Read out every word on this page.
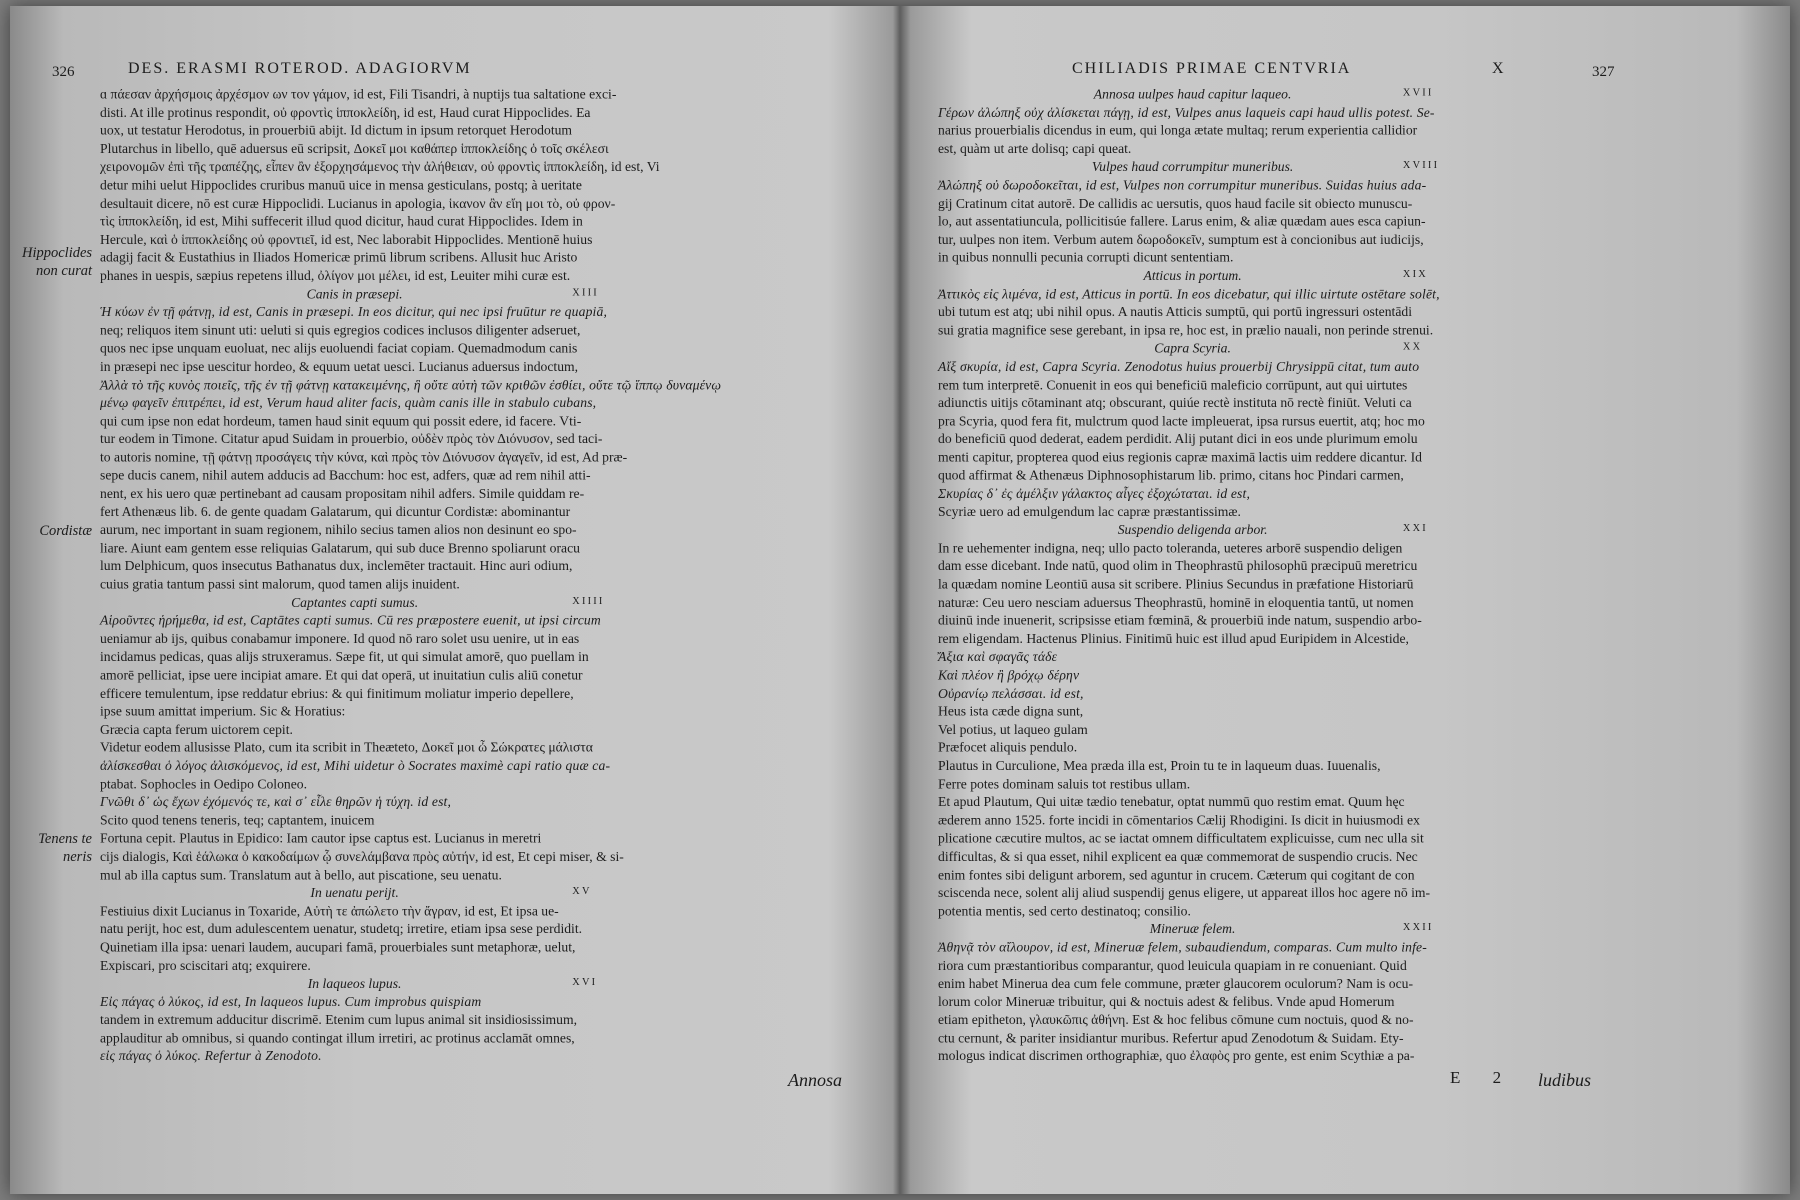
326	DES. ERASMI ROTEROD. ADAGIORVM
ɑ πάεσαν ἀρχήσμοις ἀρχέσμον ων τον γάμον, id est, Fili Tisandri, à nuptijs tua saltatione exci-
disti. At ille protinus respondit, οὐ φροντὶς ἱπποκλείδη, id est, Haud curat Hippoclides. Ea
uox, ut testatur Herodotus, in prouerbiū abijt. Id dictum in ipsum retorquet Herodotum
Plutarchus in libello, quē aduersus eū scripsit, Δοκεῖ μοι καθάπερ ἱπποκλείδης ὁ τοῖς σκέλεσι
χειρονομῶν ἐπὶ τῆς τραπέζης, εἶπεν ἂν ἐξορχησάμενος τὴν ἀλήθειαν, οὐ φροντὶς ἱπποκλείδη, id est, Vi
detur mihi uelut Hippoclides cruribus manuū uice in mensa gesticulans, postq; à ueritate
desultauit dicere, nō est curæ Hippoclidi. Lucianus in apologia, ἱκανον ἂν εἴη μοι τὸ, οὐ φρον-
τὶς ἱπποκλείδη, id est, Mihi suffecerit illud quod dicitur, haud curat Hippoclides. Idem in
Hercule, καὶ ὁ ἱπποκλείδης οὐ φροντιεῖ, id est, Nec laborabit Hippoclides. Mentionē huius
adagij facit & Eustathius in Iliados Homericæ primū librum scribens. Allusit huc Aristo
phanes in uespis, sæpius repetens illud, ὀλίγον μοι μέλει, id est, Leuiter mihi curæ est.
Canis in præsepi.	XIII
Ἡ κύων ἐν τῇ φάτνῃ, id est, Canis in præsepi. In eos dicitur, qui nec ipsi fruūtur re quapiā,
neq; reliquos item sinunt uti: ueluti si quis egregios codices inclusos diligenter adseruet,
quos nec ipse unquam euoluat, nec alijs euoluendi faciat copiam. Quemadmodum canis
in præsepi nec ipse uescitur hordeo, & equum uetat uesci. Lucianus aduersus indoctum,
Ἀλλὰ τὸ τῆς κυνὸς ποιεῖς, τῆς ἐν τῇ φάτνῃ κατακειμένης, ἣ οὔτε αὐτὴ τῶν κριθῶν ἐσθίει, οὔτε τῷ ἵππῳ δυναμένῳ
μένῳ φαγεῖν ἐπιτρέπει, id est, Verum haud aliter facis, quàm canis ille in stabulo cubans,
qui cum ipse non edat hordeum, tamen haud sinit equum qui possit edere, id facere. Vti-
tur eodem in Timone. Citatur apud Suidam in prouerbio, οὐδὲν πρὸς τὸν Διόνυσον, sed taci-
to autoris nomine, τῇ φάτνῃ προσάγεις τὴν κύνα, καὶ πρὸς τὸν Διόνυσον ἀγαγεῖν, id est, Ad præ-
sepe ducis canem, nihil autem adducis ad Bacchum: hoc est, adfers, quæ ad rem nihil atti-
nent, ex his uero quæ pertinebant ad causam propositam nihil adfers. Simile quiddam re-
fert Athenæus lib. 6. de gente quadam Galatarum, qui dicuntur Cordistæ: abominantur
aurum, nec important in suam regionem, nihilo secius tamen alios non desinunt eo spo-
liare. Aiunt eam gentem esse reliquias Galatarum, qui sub duce Brenno spoliarunt oracu
lum Delphicum, quos insecutus Bathanatus dux, inclemēter tractauit. Hinc auri odium,
cuius gratia tantum passi sint malorum, quod tamen alijs inuident.
Captantes capti sumus.	XIIII
Αἱροῦντες ἡρήμεθα, id est, Captātes capti sumus. Cū res præpostere euenit, ut ipsi circum
ueniamur ab ijs, quibus conabamur imponere. Id quod nō raro solet usu uenire, ut in eas
incidamus pedicas, quas alijs struxeramus. Sæpe fit, ut qui simulat amorē, quo puellam in
amorē pelliciat, ipse uere incipiat amare. Et qui dat operā, ut inuitatiun culis aliū conetur
efficere temulentum, ipse reddatur ebrius: & qui finitimum moliatur imperio depellere,
ipse suum amittat imperium. Sic & Horatius:
Græcia capta ferum uictorem cepit.
Videtur eodem allusisse Plato, cum ita scribit in Theæteto, Δοκεῖ μοι ὦ Σώκρατες μάλιστα
ἁλίσκεσθαι ὁ λόγος ἁλισκόμενος, id est, Mihi uidetur ò Socrates maximè capi ratio quæ ca-
ptabat. Sophocles in Oedipo Coloneo.
Γνῶθι δ᾽ ὡς ἔχων ἐχόμενός τε, καὶ σ᾽ εἷλε θηρῶν ἡ τύχη. id est,
Scito quod tenens teneris, teq; captantem, inuicem
Fortuna cepit. Plautus in Epidico: Iam cautor ipse captus est. Lucianus in meretri
cijs dialogis, Καὶ ἑάλωκα ὁ κακοδαίμων ᾧ συνελάμβανα πρὸς αὐτήν, id est, Et cepi miser, & si-
mul ab illa captus sum. Translatum aut à bello, aut piscatione, seu uenatu.
In uenatu perijt.	XV
Festiuius dixit Lucianus in Toxaride, Αὐτὴ τε ἀπώλετο τὴν ἄγραν, id est, Et ipsa ue-
natu perijt, hoc est, dum adulescentem uenatur, studetq; irretire, etiam ipsa sese perdidit.
Quinetiam illa ipsa: uenari laudem, aucupari famā, prouerbiales sunt metaphoræ, uelut,
Expiscari, pro sciscitari atq; exquirere.
In laqueos lupus.	XVI
Εἰς πάγας ὁ λύκος, id est, In laqueos lupus. Cum improbus quispiam
tandem in extremum adducitur discrimē. Etenim cum lupus animal sit insidiosissimum,
applauditur ab omnibus, si quando contingat illum irretiri, ac protinus acclamāt omnes,
εἰς πάγας ὁ λύκος. Refertur à Zenodoto.
Hippoclides non curat
Cordistæ
Tenens te neris
Annosa
CHILIADIS PRIMAE CENTVRIA	X	327
Annosa uulpes haud capitur laqueo.	XVII
Γέρων ἀλώπηξ οὐχ ἁλίσκεται πάγῃ, id est, Vulpes anus laqueis capi haud ullis potest. Se-
narius prouerbialis dicendus in eum, qui longa ætate multaq; rerum experientia callidior
est, quàm ut arte dolisq; capi queat.
Vulpes haud corrumpitur muneribus.	XVIII
Ἀλώπηξ οὐ δωροδοκεῖται, id est, Vulpes non corrumpitur muneribus. Suidas huius ada-
gij Cratinum citat autorē. De callidis ac uersutis, quos haud facile sit obiecto munuscu-
lo, aut assentatiuncula, pollicitisúe fallere. Larus enim, & aliæ quædam aues esca capiun-
tur, uulpes non item. Verbum autem δωροδοκεῖν, sumptum est à concionibus aut iudicijs,
in quibus nonnulli pecunia corrupti dicunt sententiam.
Atticus in portum.	XIX
Ἀττικὸς εἰς λιμένα, id est, Atticus in portū. In eos dicebatur, qui illic uirtute ostētare solēt,
ubi tutum est atq; ubi nihil opus. A nautis Atticis sumptū, qui portū ingressuri ostentādi
sui gratia magnifice sese gerebant, in ipsa re, hoc est, in prælio nauali, non perinde strenui.
Capra Scyria.	XX
Αἴξ σκυρία, id est, Capra Scyria. Zenodotus huius prouerbij Chrysippū citat, tum auto
rem tum interpretē. Conuenit in eos qui beneficiū maleficio corrūpunt, aut qui uirtutes
adiunctis uitijs cōtaminant atq; obscurant, quiúe rectè instituta nō rectè finiūt. Veluti ca
pra Scyria, quod fera fit, mulctrum quod lacte impleuerat, ipsa rursus euertit, atq; hoc mo
do beneficiū quod dederat, eadem perdidit. Alij putant dici in eos unde plurimum emolu
menti capitur, propterea quod eius regionis capræ maximā lactis uim reddere dicantur. Id
quod affirmat & Athenæus Diphnosophistarum lib. primo, citans hoc Pindari carmen,
Σκυρίας δ᾽ ἐς ἀμέλξιν γάλακτος αἶγες ἐξοχώταται. id est,
Scyriæ uero ad emulgendum lac capræ præstantissimæ.
Suspendio deligenda arbor.	XXI
In re uehementer indigna, neq; ullo pacto toleranda, ueteres arborē suspendio deligen
dam esse dicebant. Inde natū, quod olim in Theophrastū philosophū præcipuū meretricu
la quædam nomine Leontiū ausa sit scribere. Plinius Secundus in præfatione Historiarū
naturæ: Ceu uero nesciam aduersus Theophrastū, hominē in eloquentia tantū, ut nomen
diuinū inde inuenerit, scripsisse etiam fœminā, & prouerbiū inde natum, suspendio arbo-
rem eligendam. Hactenus Plinius. Finitimū huic est illud apud Euripidem in Alcestide,
Ἄξια καὶ σφαγᾶς τάδε
Καὶ πλέον ἢ βρόχῳ δέρην
Οὐρανίῳ πελάσσαι. id est,
Heus ista cæde digna sunt,
Vel potius, ut laqueo gulam
Præfocet aliquis pendulo.
Plautus in Curculione, Mea præda illa est, Proin tu te in laqueum duas. Iuuenalis,
Ferre potes dominam saluis tot restibus ullam.
Et apud Plautum, Qui uitæ tædio tenebatur, optat nummū quo restim emat. Quum hęc
æderem anno 1525. forte incidi in cōmentarios Cælij Rhodigini. Is dicit in huiusmodi ex
plicatione cæcutire multos, ac se iactat omnem difficultatem explicuisse, cum nec ulla sit
difficultas, & si qua esset, nihil explicent ea quæ commemorat de suspendio crucis. Nec
enim fontes sibi deligunt arborem, sed aguntur in crucem. Cæterum qui cogitant de con
sciscenda nece, solent alij aliud suspendij genus eligere, ut appareat illos hoc agere nō im-
potentia mentis, sed certo destinatoq; consilio.
Mineruæ felem.	XXII
Ἀθηνᾷ τὸν αἴλουρον, id est, Mineruæ felem, subaudiendum, comparas. Cum multo infe-
riora cum præstantioribus comparantur, quod leuicula quapiam in re conueniant. Quid
enim habet Minerua dea cum fele commune, præter glaucorem oculorum? Nam is ocu-
lorum color Mineruæ tribuitur, qui & noctuis adest & felibus. Vnde apud Homerum
etiam epitheton, γλαυκῶπις ἀθήνη. Est & hoc felibus cōmune cum noctuis, quod & no-
ctu cernunt, & pariter insidiantur muribus. Refertur apud Zenodotum & Suidam. Ety-
mologus indicat discrimen orthographiæ, quo ἐλαφὸς pro gente, est enim Scythiæ a pa-
E 2 ludibus
